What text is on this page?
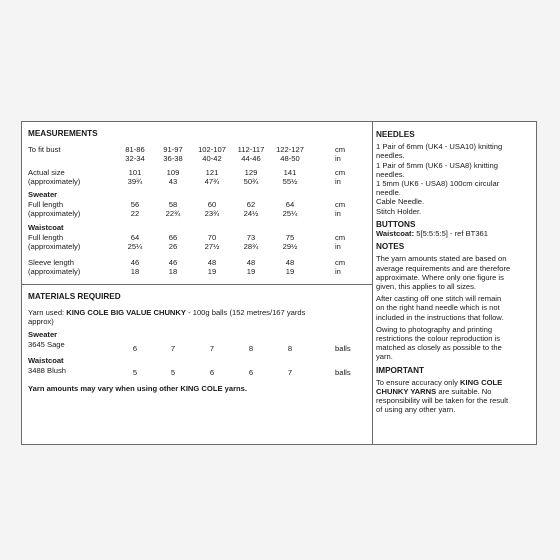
MEASUREMENTS
To fit bust	81-86	91-97	102-107	112-117	122-127	cm
32-34	36-38	40-42	44-46	48-50	in
Actual size
(approximately)
101	109	121	129	141	cm
39¾	43	47¾	50¾	55½	in
Sweater
Full length
(approximately)
56	58	60	62	64	cm
22	22¾	23¾	24½	25¼	in
Waistcoat
Full length
(approximately)
64	66	70	73	75	cm
25¼	26	27½	28¾	29½	in
Sleeve length
(approximately)
46	46	48	48	48	cm
18	18	19	19	19	in
MATERIALS REQUIRED
Yarn used: KING COLE BIG VALUE CHUNKY - 100g balls (152 metres/167 yards
approx)
Sweater
3645 Sage	6	7	7	8	8	balls
Waistcoat
3488 Blush	5	5	6	6	7	balls
Yarn amounts may vary when using other KING COLE yarns.

NEEDLES

1 Pair of 6mm (UK4 - USA10) knitting

needles.

1 Pair of 5mm (UK6 - USA8) knitting

needles.

1 5mm (UK6 - USA8) 100cm circular

needle.

Cable Needle.

Stitch Holder.

BUTTONS

Waistcoat: 5[5:5:5:5] - ref BT361

NOTES

The yarn amounts stated are based on

average requirements and are therefore

approximate. Where only one figure is

given, this applies to all sizes.

After casting off one stitch will remain

on the right hand needle which is not

included in the instructions that follow.

Owing to photography and printing

restrictions the colour reproduction is

matched as closely as possible to the

yarn.

IMPORTANT

To ensure accuracy only KING COLE

CHUNKY YARNS are suitable. No

responsibility will be taken for the result

of using any other yarn.
